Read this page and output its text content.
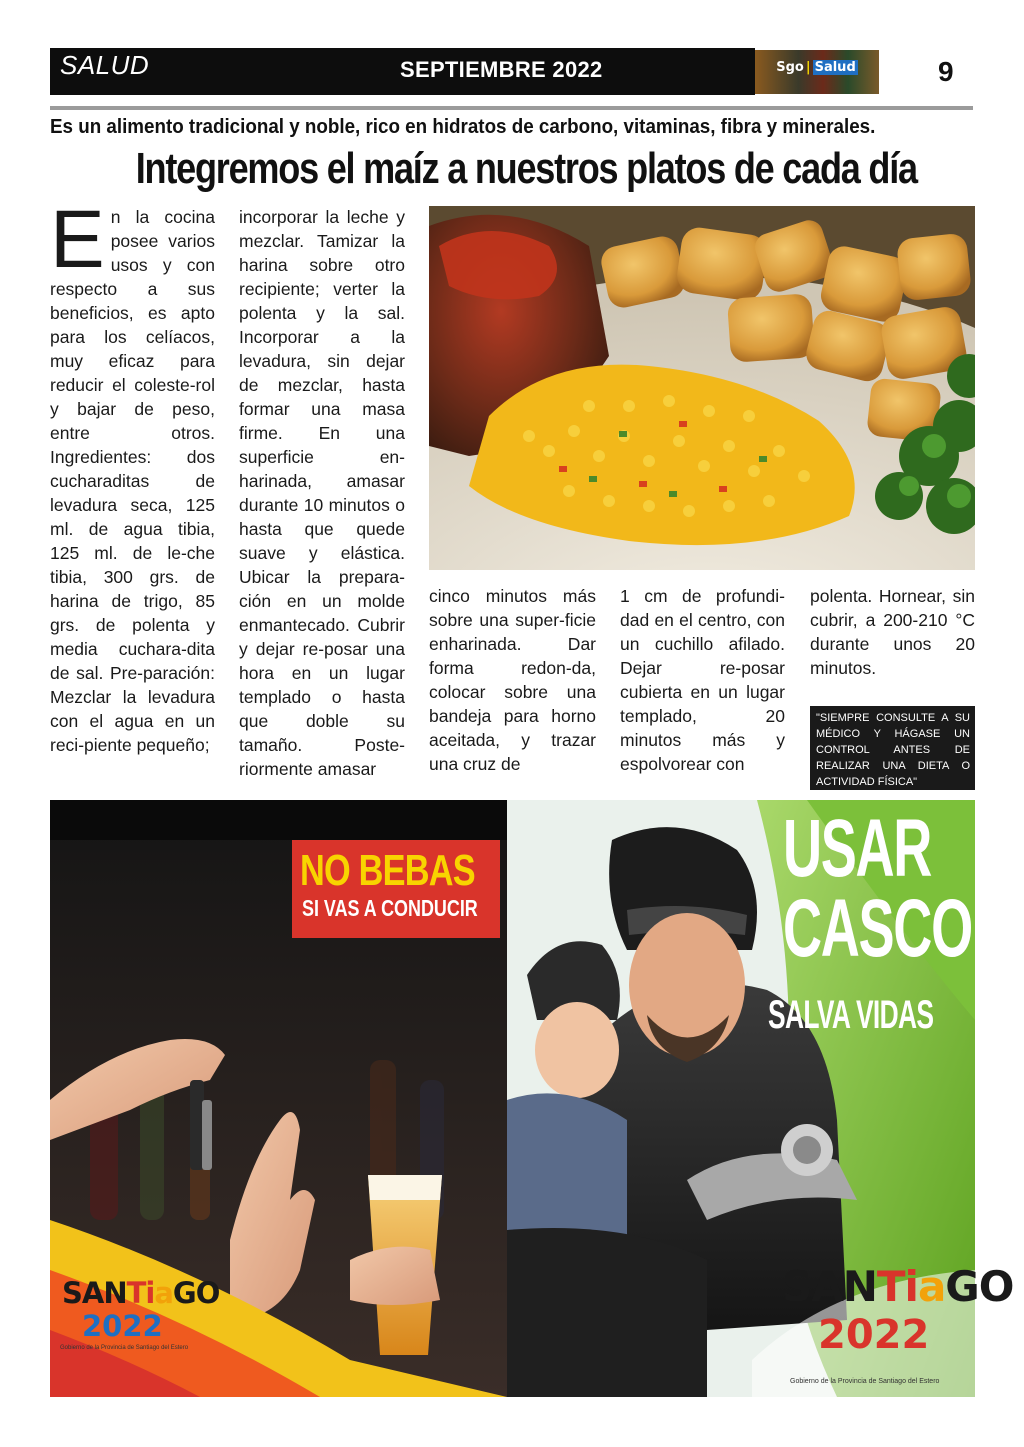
SALUD	SEPTIEMBRE 2022	Sgo | Salud	9
Es un alimento tradicional y noble, rico en hidratos de carbono, vitaminas, fibra y minerales.
Integremos el maíz a nuestros platos de cada día
E n la cocina posee varios usos y con respecto a sus beneficios, es apto para los celíacos, muy eficaz para reducir el coleste-rol y bajar de peso, entre otros. Ingredientes: dos cucharaditas de levadura seca, 125 ml. de agua tibia, 125 ml. de le-che tibia, 300 grs. de harina de trigo, 85 grs. de polenta y media cuchara-dita de sal. Pre-paración: Mezclar la levadura con el agua en un reci-piente pequeño;

incorporar la leche y mezclar. Tamizar la harina sobre otro recipiente; verter la polenta y la sal. Incorporar a la levadura, sin dejar de mezclar, hasta formar una masa firme. En una superficie en-harinada, amasar durante 10 minutos o hasta que quede suave y elástica. Ubicar la prepara-ción en un molde enmantecado. Cubrir y dejar re-posar una hora en un lugar templado o hasta que doble su tamaño. Poste-riormente amasar

cinco minutos más sobre una super-ficie enharinada. Dar forma redon-da, colocar sobre una bandeja para horno aceitada, y trazar una cruz de

1 cm de profundi-dad en el centro, con un cuchillo afilado. Dejar re-posar cubierta en un lugar templado, 20 minutos más y espolvorear con

polenta. Hornear, sin cubrir, a 200-210 °C durante unos 20 minutos.

"SIEMPRE CONSULTE A SU MÉDICO Y HÁGASE UN CONTROL ANTES DE REALIZAR UNA DIETA O ACTIVIDAD FÍSICA"
NO BEBAS
SI VAS A CONDUCIR
SANTiaGO
2022
Gobierno de la Provincia de Santiago del Estero
USAR
CASCO
SALVA VIDAS
SANTiaGO
2022
Gobierno de la Provincia de Santiago del Estero
